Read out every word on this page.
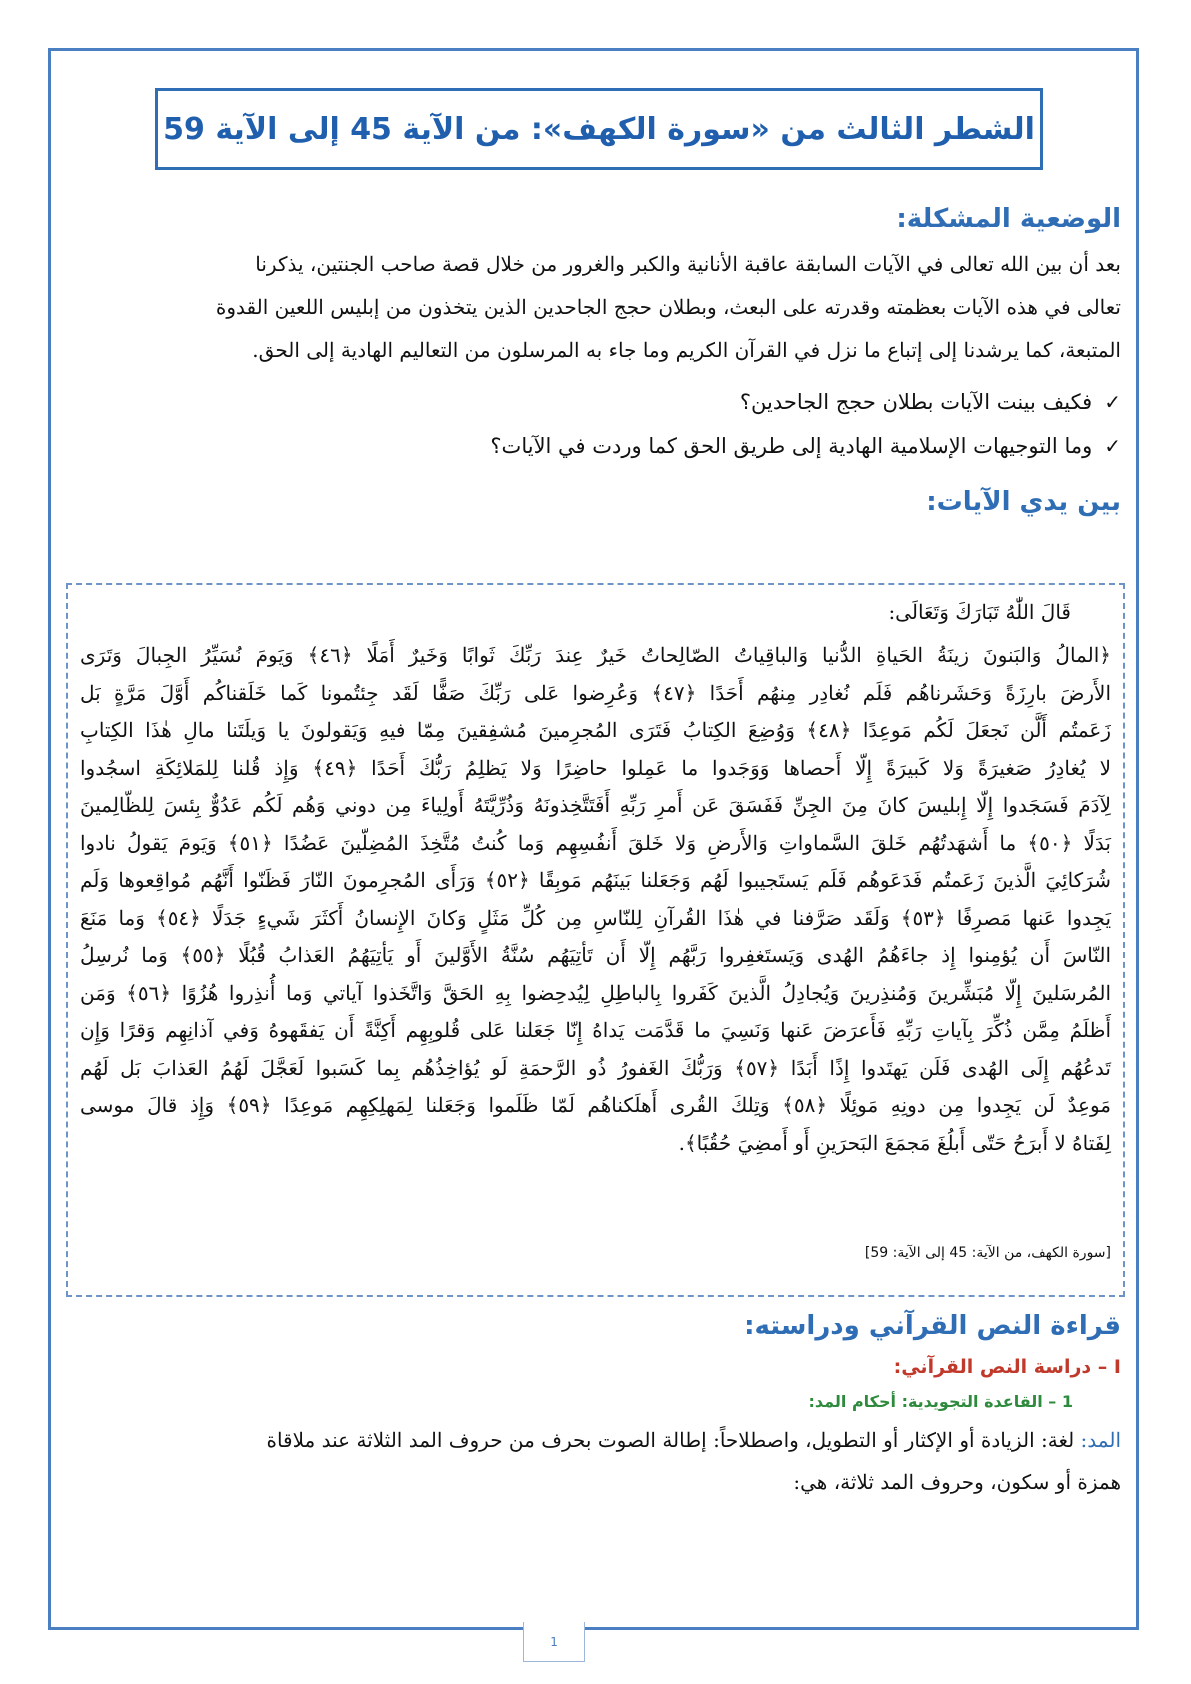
الشطر الثالث من «سورة الكهف»: من الآية 45 إلى الآية 59
الوضعية المشكلة:
بعد أن بين الله تعالى في الآيات السابقة عاقبة الأنانية والكبر والغرور من خلال قصة صاحب الجنتين، يذكرنا
تعالى في هذه الآيات بعظمته وقدرته على البعث، وبطلان حجج الجاحدين الذين يتخذون من إبليس اللعين القدوة
المتبعة، كما يرشدنا إلى إتباع ما نزل في القرآن الكريم وما جاء به المرسلون من التعاليم الهادية إلى الحق.
✓
فكيف بينت الآيات بطلان حجج الجاحدين؟
✓
وما التوجيهات الإسلامية الهادية إلى طريق الحق كما وردت في الآيات؟
بين يدي الآيات:
قَالَ اللّٰهُ تَبَارَكَ وَتَعَالَى:
﴿المالُ وَالبَنونَ زينَةُ الحَياةِ الدُّنيا وَالباقِياتُ الصّالِحاتُ خَيرٌ عِندَ رَبِّكَ ثَوابًا وَخَيرٌ أَمَلًا ﴿٤٦﴾ وَيَومَ نُسَيِّرُ الجِبالَ وَتَرَى
الأَرضَ بارِزَةً وَحَشَرناهُم فَلَم نُغادِر مِنهُم أَحَدًا ﴿٤٧﴾ وَعُرِضوا عَلى رَبِّكَ صَفًّا لَقَد جِئتُمونا كَما خَلَقناكُم أَوَّلَ مَرَّةٍ بَل
زَعَمتُم أَلَّن نَجعَلَ لَكُم مَوعِدًا ﴿٤٨﴾ وَوُضِعَ الكِتابُ فَتَرَى المُجرِمينَ مُشفِقينَ مِمّا فيهِ وَيَقولونَ يا وَيلَتَنا مالِ هٰذَا الكِتابِ
لا يُغادِرُ صَغيرَةً وَلا كَبيرَةً إِلّا أَحصاها وَوَجَدوا ما عَمِلوا حاضِرًا وَلا يَظلِمُ رَبُّكَ أَحَدًا ﴿٤٩﴾ وَإِذ قُلنا لِلمَلائِكَةِ اسجُدوا
لِآدَمَ فَسَجَدوا إِلّا إِبليسَ كانَ مِنَ الجِنِّ فَفَسَقَ عَن أَمرِ رَبِّهِ أَفَتَتَّخِذونَهُ وَذُرِّيَّتَهُ أَولِياءَ مِن دوني وَهُم لَكُم عَدُوٌّ بِئسَ لِلظّالِمينَ
بَدَلًا ﴿٥٠﴾ ما أَشهَدتُهُم خَلقَ السَّماواتِ وَالأَرضِ وَلا خَلقَ أَنفُسِهِم وَما كُنتُ مُتَّخِذَ المُضِلّينَ عَضُدًا ﴿٥١﴾ وَيَومَ يَقولُ نادوا
شُرَكائِيَ الَّذينَ زَعَمتُم فَدَعَوهُم فَلَم يَستَجيبوا لَهُم وَجَعَلنا بَينَهُم مَوبِقًا ﴿٥٢﴾ وَرَأَى المُجرِمونَ النّارَ فَظَنّوا أَنَّهُم مُواقِعوها وَلَم
يَجِدوا عَنها مَصرِفًا ﴿٥٣﴾ وَلَقَد صَرَّفنا في هٰذَا القُرآنِ لِلنّاسِ مِن كُلِّ مَثَلٍ وَكانَ الإِنسانُ أَكثَرَ شَيءٍ جَدَلًا ﴿٥٤﴾ وَما مَنَعَ
النّاسَ أَن يُؤمِنوا إِذ جاءَهُمُ الهُدى وَيَستَغفِروا رَبَّهُم إِلّا أَن تَأتِيَهُم سُنَّةُ الأَوَّلينَ أَو يَأتِيَهُمُ العَذابُ قُبُلًا ﴿٥٥﴾ وَما نُرسِلُ
المُرسَلينَ إِلّا مُبَشِّرينَ وَمُنذِرينَ وَيُجادِلُ الَّذينَ كَفَروا بِالباطِلِ لِيُدحِضوا بِهِ الحَقَّ وَاتَّخَذوا آياتي وَما أُنذِروا هُزُوًا ﴿٥٦﴾ وَمَن
أَظلَمُ مِمَّن ذُكِّرَ بِآياتِ رَبِّهِ فَأَعرَضَ عَنها وَنَسِيَ ما قَدَّمَت يَداهُ إِنّا جَعَلنا عَلى قُلوبِهِم أَكِنَّةً أَن يَفقَهوهُ وَفي آذانِهِم وَقرًا وَإِن
تَدعُهُم إِلَى الهُدى فَلَن يَهتَدوا إِذًا أَبَدًا ﴿٥٧﴾ وَرَبُّكَ الغَفورُ ذُو الرَّحمَةِ لَو يُؤاخِذُهُم بِما كَسَبوا لَعَجَّلَ لَهُمُ العَذابَ بَل لَهُم
مَوعِدٌ لَن يَجِدوا مِن دونِهِ مَوئِلًا ﴿٥٨﴾ وَتِلكَ القُرى أَهلَكناهُم لَمّا ظَلَموا وَجَعَلنا لِمَهلِكِهِم مَوعِدًا ﴿٥٩﴾ وَإِذ قالَ موسى
لِفَتاهُ لا أَبرَحُ حَتّى أَبلُغَ مَجمَعَ البَحرَينِ أَو أَمضِيَ حُقُبًا﴾.
[سورة الكهف، من الآية: 45 إلى الآية: 59]
قراءة النص القرآني ودراسته:
I – دراسة النص القرآني:
1 – القاعدة التجويدية: أحكام المد:
المد: لغة: الزيادة أو الإكثار أو التطويل، واصطلاحاً: إطالة الصوت بحرف من حروف المد الثلاثة عند ملاقاة
همزة أو سكون، وحروف المد ثلاثة، هي:
1
